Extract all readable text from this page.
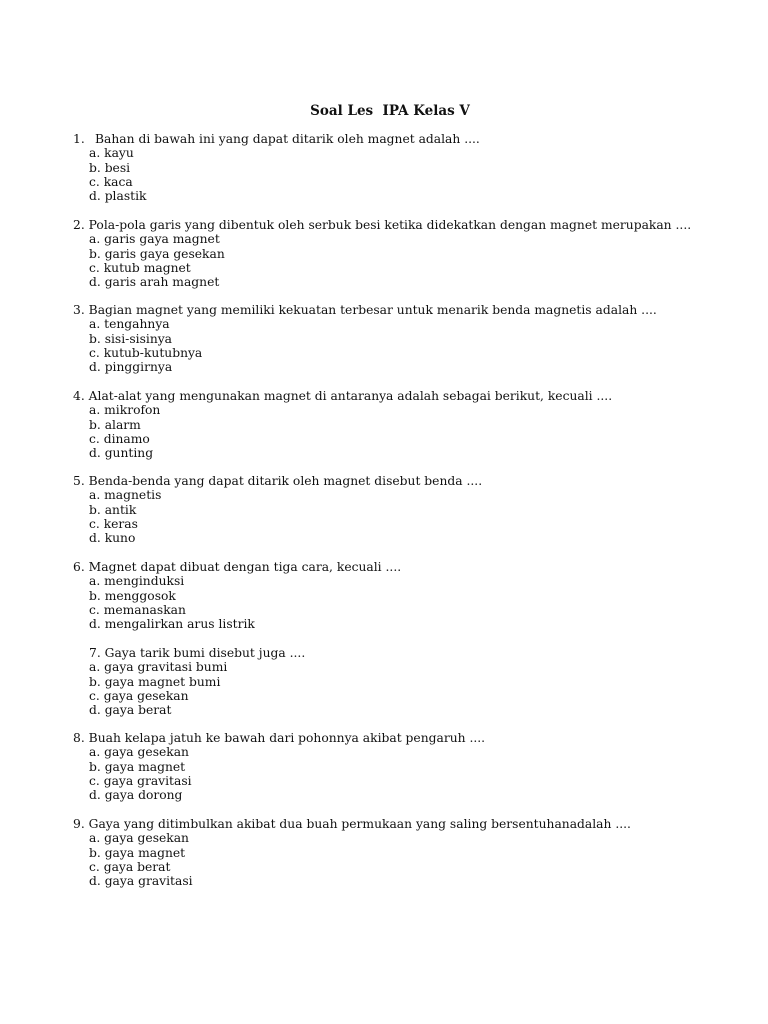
Soal Les  IPA Kelas V
1. Bahan di bawah ini yang dapat ditarik oleh magnet adalah ....
a. kayu
b. besi
c. kaca
d. plastik
2. Pola-pola garis yang dibentuk oleh serbuk besi ketika didekatkan dengan magnet merupakan ....
a. garis gaya magnet
b. garis gaya gesekan
c. kutub magnet
d. garis arah magnet
3. Bagian magnet yang memiliki kekuatan terbesar untuk menarik benda magnetis adalah ....
a. tengahnya
b. sisi-sisinya
c. kutub-kutubnya
d. pinggirnya
4. Alat-alat yang mengunakan magnet di antaranya adalah sebagai berikut, kecuali ....
a. mikrofon
b. alarm
c. dinamo
d. gunting
5. Benda-benda yang dapat ditarik oleh magnet disebut benda ....
a. magnetis
b. antik
c. keras
d. kuno
6. Magnet dapat dibuat dengan tiga cara, kecuali ....
a. menginduksi
b. menggosok
c. memanaskan
d. mengalirkan arus listrik
7. Gaya tarik bumi disebut juga ....
a. gaya gravitasi bumi
b. gaya magnet bumi
c. gaya gesekan
d. gaya berat
8. Buah kelapa jatuh ke bawah dari pohonnya akibat pengaruh ....
a. gaya gesekan
b. gaya magnet
c. gaya gravitasi
d. gaya dorong
9. Gaya yang ditimbulkan akibat dua buah permukaan yang saling bersentuhanadalah ....
a. gaya gesekan
b. gaya magnet
c. gaya berat
d. gaya gravitasi
